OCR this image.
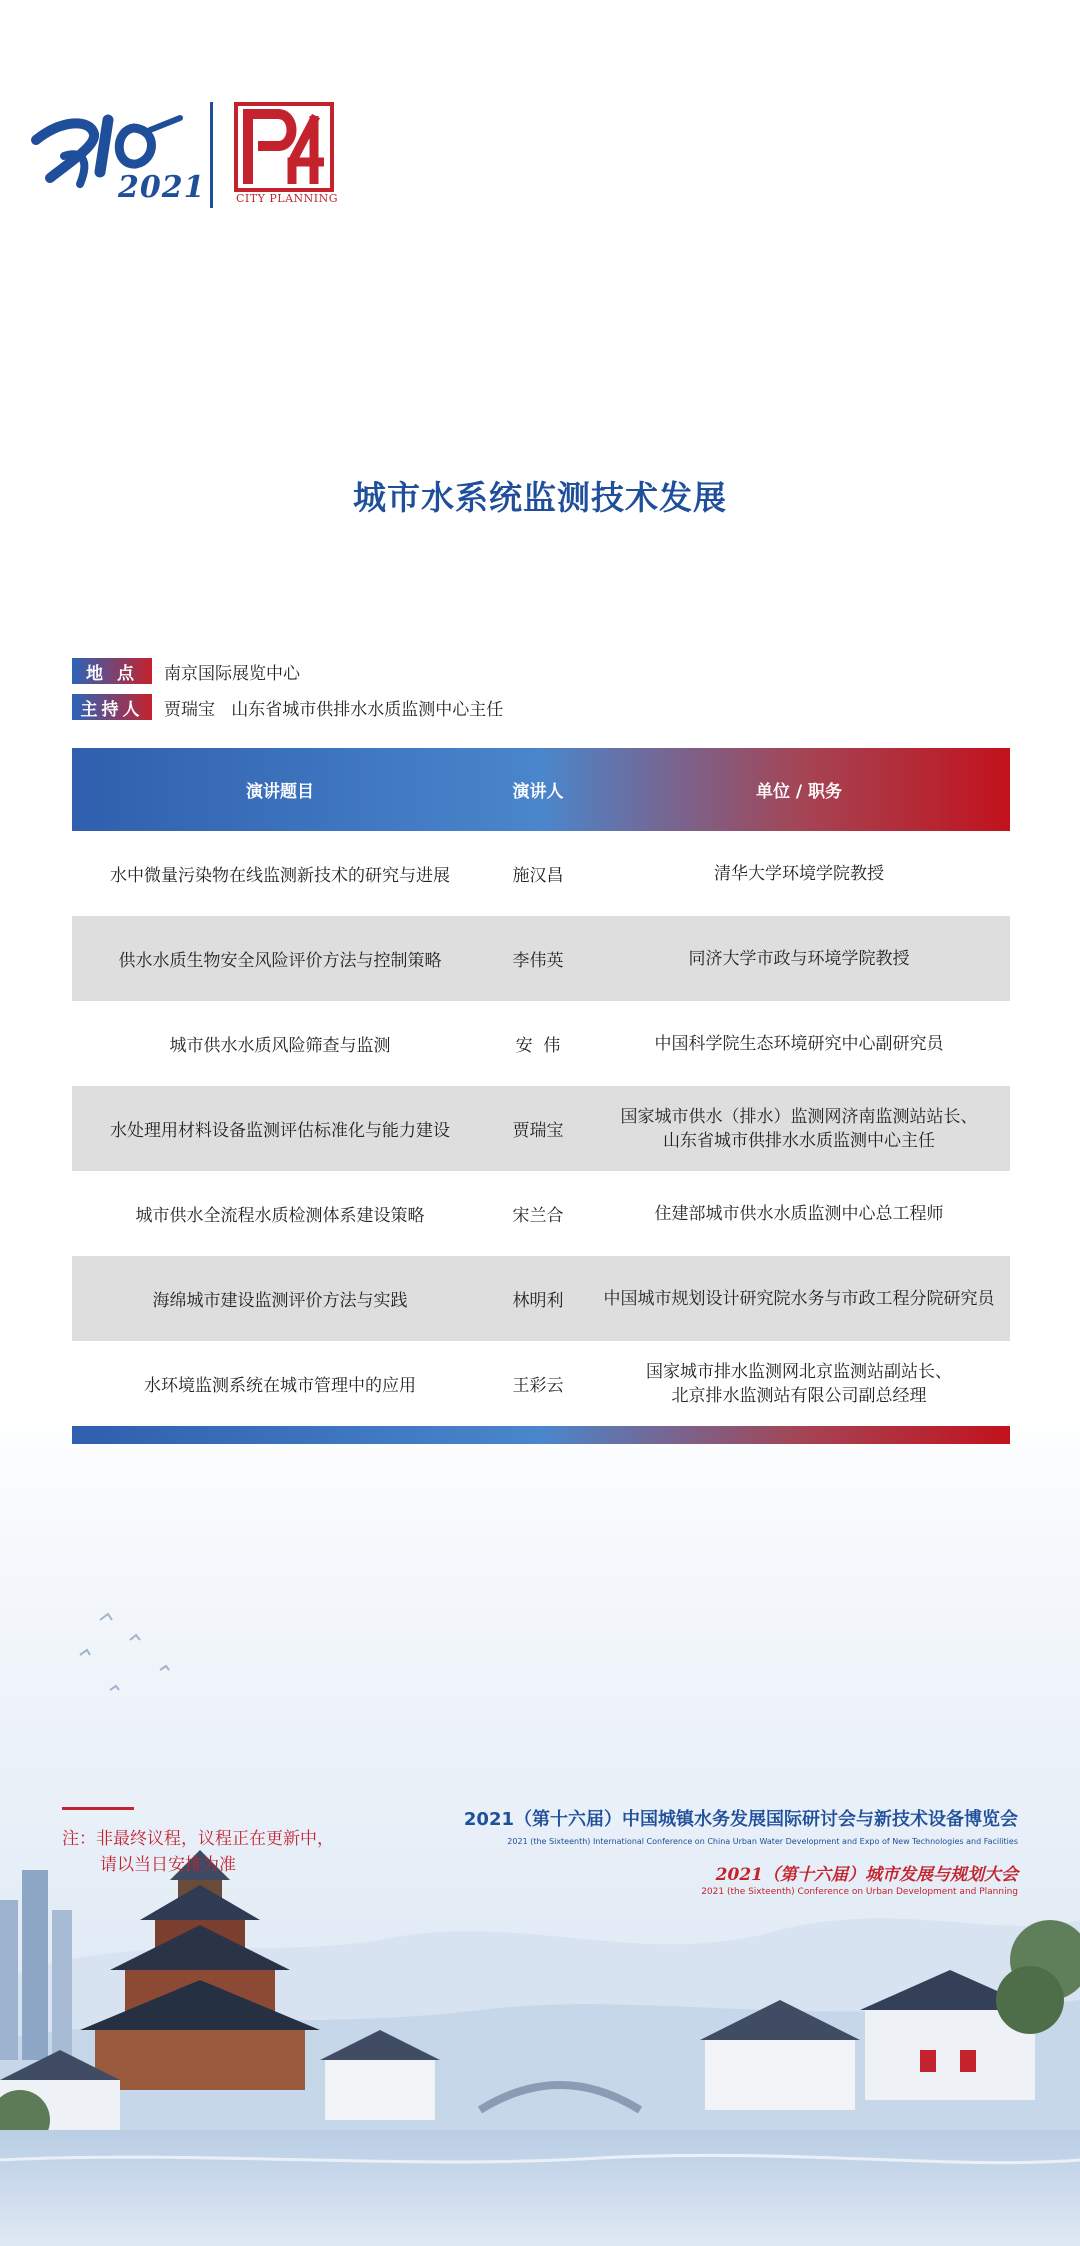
2021	CITY PLANNING
城市水系统监测技术发展
地 点	南京国际展览中心
主持人	贾瑞宝   山东省城市供排水水质监测中心主任
演讲题目	演讲人	单位 / 职务
水中微量污染物在线监测新技术的研究与进展	施汉昌	清华大学环境学院教授
供水水质生物安全风险评价方法与控制策略	李伟英	同济大学市政与环境学院教授
城市供水水质风险筛查与监测	安  伟	中国科学院生态环境研究中心副研究员
水处理用材料设备监测评估标准化与能力建设	贾瑞宝
国家城市供水（排水）监测网济南监测站站长、
山东省城市供排水水质监测中心主任
城市供水全流程水质检测体系建设策略	宋兰合	住建部城市供水水质监测中心总工程师
海绵城市建设监测评价方法与实践	林明利	中国城市规划设计研究院水务与市政工程分院研究员
水环境监测系统在城市管理中的应用	王彩云
国家城市排水监测网北京监测站副站长、
北京排水监测站有限公司副总经理
注：非最终议程，议程正在更新中，
请以当日安排为准
2021（第十六届）中国城镇水务发展国际研讨会与新技术设备博览会
2021 (the Sixteenth) International Conference on China Urban Water Development and Expo of New Technologies and Facilities
2021（第十六届）城市发展与规划大会
2021 (the Sixteenth) Conference on Urban Development and Planning
